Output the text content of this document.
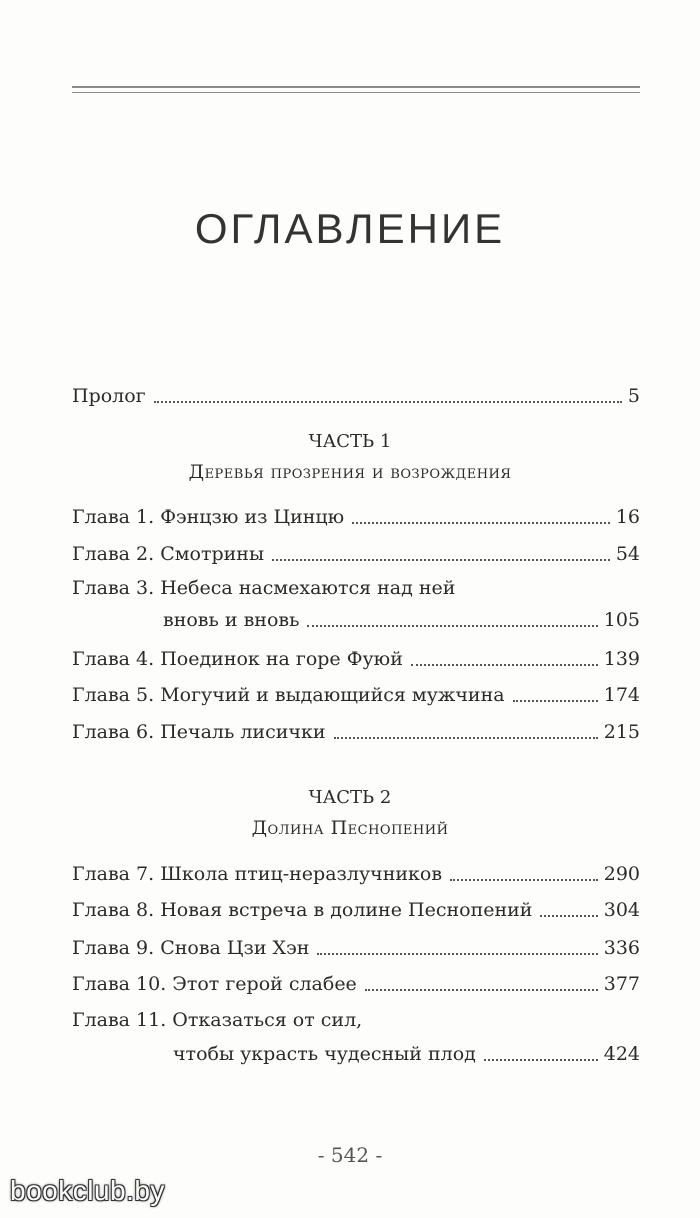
ОГЛАВЛЕНИЕ
Пролог	5
ЧАСТЬ 1
Деревья прозрения и возрождения
Глава 1. Фэнцзю из Цинцю	16
Глава 2. Смотрины	54
Глава 3. Небеса насмехаются над ней
вновь и вновь	105
Глава 4. Поединок на горе Фуюй	139
Глава 5. Могучий и выдающийся мужчина	174
Глава 6. Печаль лисички	215
ЧАСТЬ 2
Долина Песнопений
Глава 7. Школа птиц-неразлучников	290
Глава 8. Новая встреча в долине Песнопений	304
Глава 9. Снова Цзи Хэн	336
Глава 10. Этот герой слабее	377
Глава 11. Отказаться от сил,
чтобы украсть чудесный плод	424
- 542 -
bookclub.by
